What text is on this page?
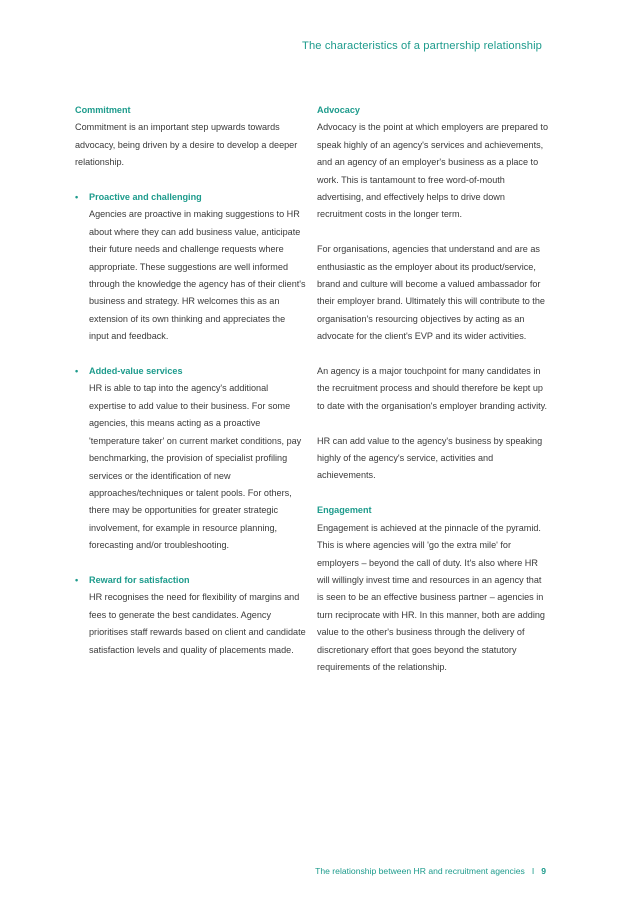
The characteristics of a partnership relationship

Commitment

Commitment is an important step upwards towards advocacy, being driven by a desire to develop a deeper relationship.

• Proactive and challenging

Agencies are proactive in making suggestions to HR about where they can add business value, anticipate their future needs and challenge requests where appropriate. These suggestions are well informed through the knowledge the agency has of their client's business and strategy. HR welcomes this as an extension of its own thinking and appreciates the input and feedback.

• Added-value services

HR is able to tap into the agency's additional expertise to add value to their business. For some agencies, this means acting as a proactive 'temperature taker' on current market conditions, pay benchmarking, the provision of specialist profiling services or the identification of new approaches/techniques or talent pools. For others, there may be opportunities for greater strategic involvement, for example in resource planning, forecasting and/or troubleshooting.

• Reward for satisfaction

HR recognises the need for flexibility of margins and fees to generate the best candidates. Agency prioritises staff rewards based on client and candidate satisfaction levels and quality of placements made.

Advocacy

Advocacy is the point at which employers are prepared to speak highly of an agency's services and achievements, and an agency of an employer's business as a place to work. This is tantamount to free word-of-mouth advertising, and effectively helps to drive down recruitment costs in the longer term.

For organisations, agencies that understand and are as enthusiastic as the employer about its product/service, brand and culture will become a valued ambassador for their employer brand. Ultimately this will contribute to the organisation's resourcing objectives by acting as an advocate for the client's EVP and its wider activities.

An agency is a major touchpoint for many candidates in the recruitment process and should therefore be kept up to date with the organisation's employer branding activity.

HR can add value to the agency's business by speaking highly of the agency's service, activities and achievements.

Engagement

Engagement is achieved at the pinnacle of the pyramid. This is where agencies will 'go the extra mile' for employers – beyond the call of duty. It's also where HR will willingly invest time and resources in an agency that is seen to be an effective business partner – agencies in turn reciprocate with HR. In this manner, both are adding value to the other's business through the delivery of discretionary effort that goes beyond the statutory requirements of the relationship.

The relationship between HR and recruitment agencies I 9
